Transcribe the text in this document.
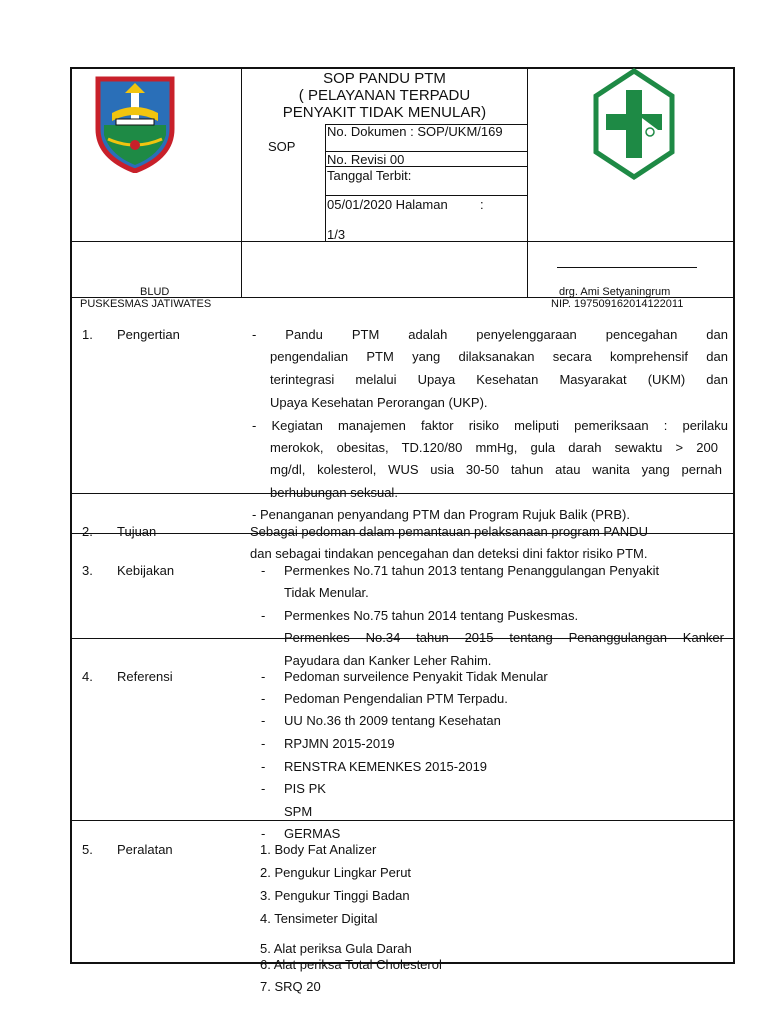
SOP PANDU PTM
( PELAYANAN TERPADU
PENYAKIT TIDAK MENULAR)
SOP
No. Dokumen : SOP/UKM/169
No. Revisi 00
Tanggal Terbit:
05/01/2020 Halaman :
1/3
BLUD
PUSKESMAS JATIWATES
drg. Ami Setyaningrum
NIP. 197509162014122011
1. Pengertian	- Pandu PTM adalah penyelenggaraan pencegahan dan
pengendalian PTM yang dilaksanakan secara komprehensif dan
terintegrasi melalui Upaya Kesehatan Masyarakat (UKM) dan
Upaya Kesehatan Perorangan (UKP).
- Kegiatan manajemen faktor risiko meliputi pemeriksaan : perilaku
merokok, obesitas, TD.120/80 mmHg, gula darah sewaktu > 200
mg/dl, kolesterol, WUS usia 30-50 tahun atau wanita yang pernah
berhubungan seksual.
- Penanganan penyandang PTM dan Program Rujuk Balik (PRB).
2. Tujuan	Sebagai pedoman dalam pemantauan pelaksanaan program PANDU
dan sebagai tindakan pencegahan dan deteksi dini faktor risiko PTM.
3. Kebijakan	- Permenkes No.71 tahun 2013 tentang Penanggulangan Penyakit
Tidak Menular.
- Permenkes No.75 tahun 2014 tentang Puskesmas.
Permenkes No.34 tahun 2015 tentang Penanggulangan Kanker
Payudara dan Kanker Leher Rahim.
4. Referensi	- Pedoman surveilence Penyakit Tidak Menular
- Pedoman Pengendalian PTM Terpadu.
- UU No.36 th 2009 tentang Kesehatan
- RPJMN 2015-2019
- RENSTRA KEMENKES 2015-2019
- PIS PK
SPM
- GERMAS
5. Peralatan	1. Body Fat Analizer
2. Pengukur Lingkar Perut
3. Pengukur Tinggi Badan
4. Tensimeter Digital
5. Alat periksa Gula Darah
6. Alat periksa Total Cholesterol
7. SRQ 20
